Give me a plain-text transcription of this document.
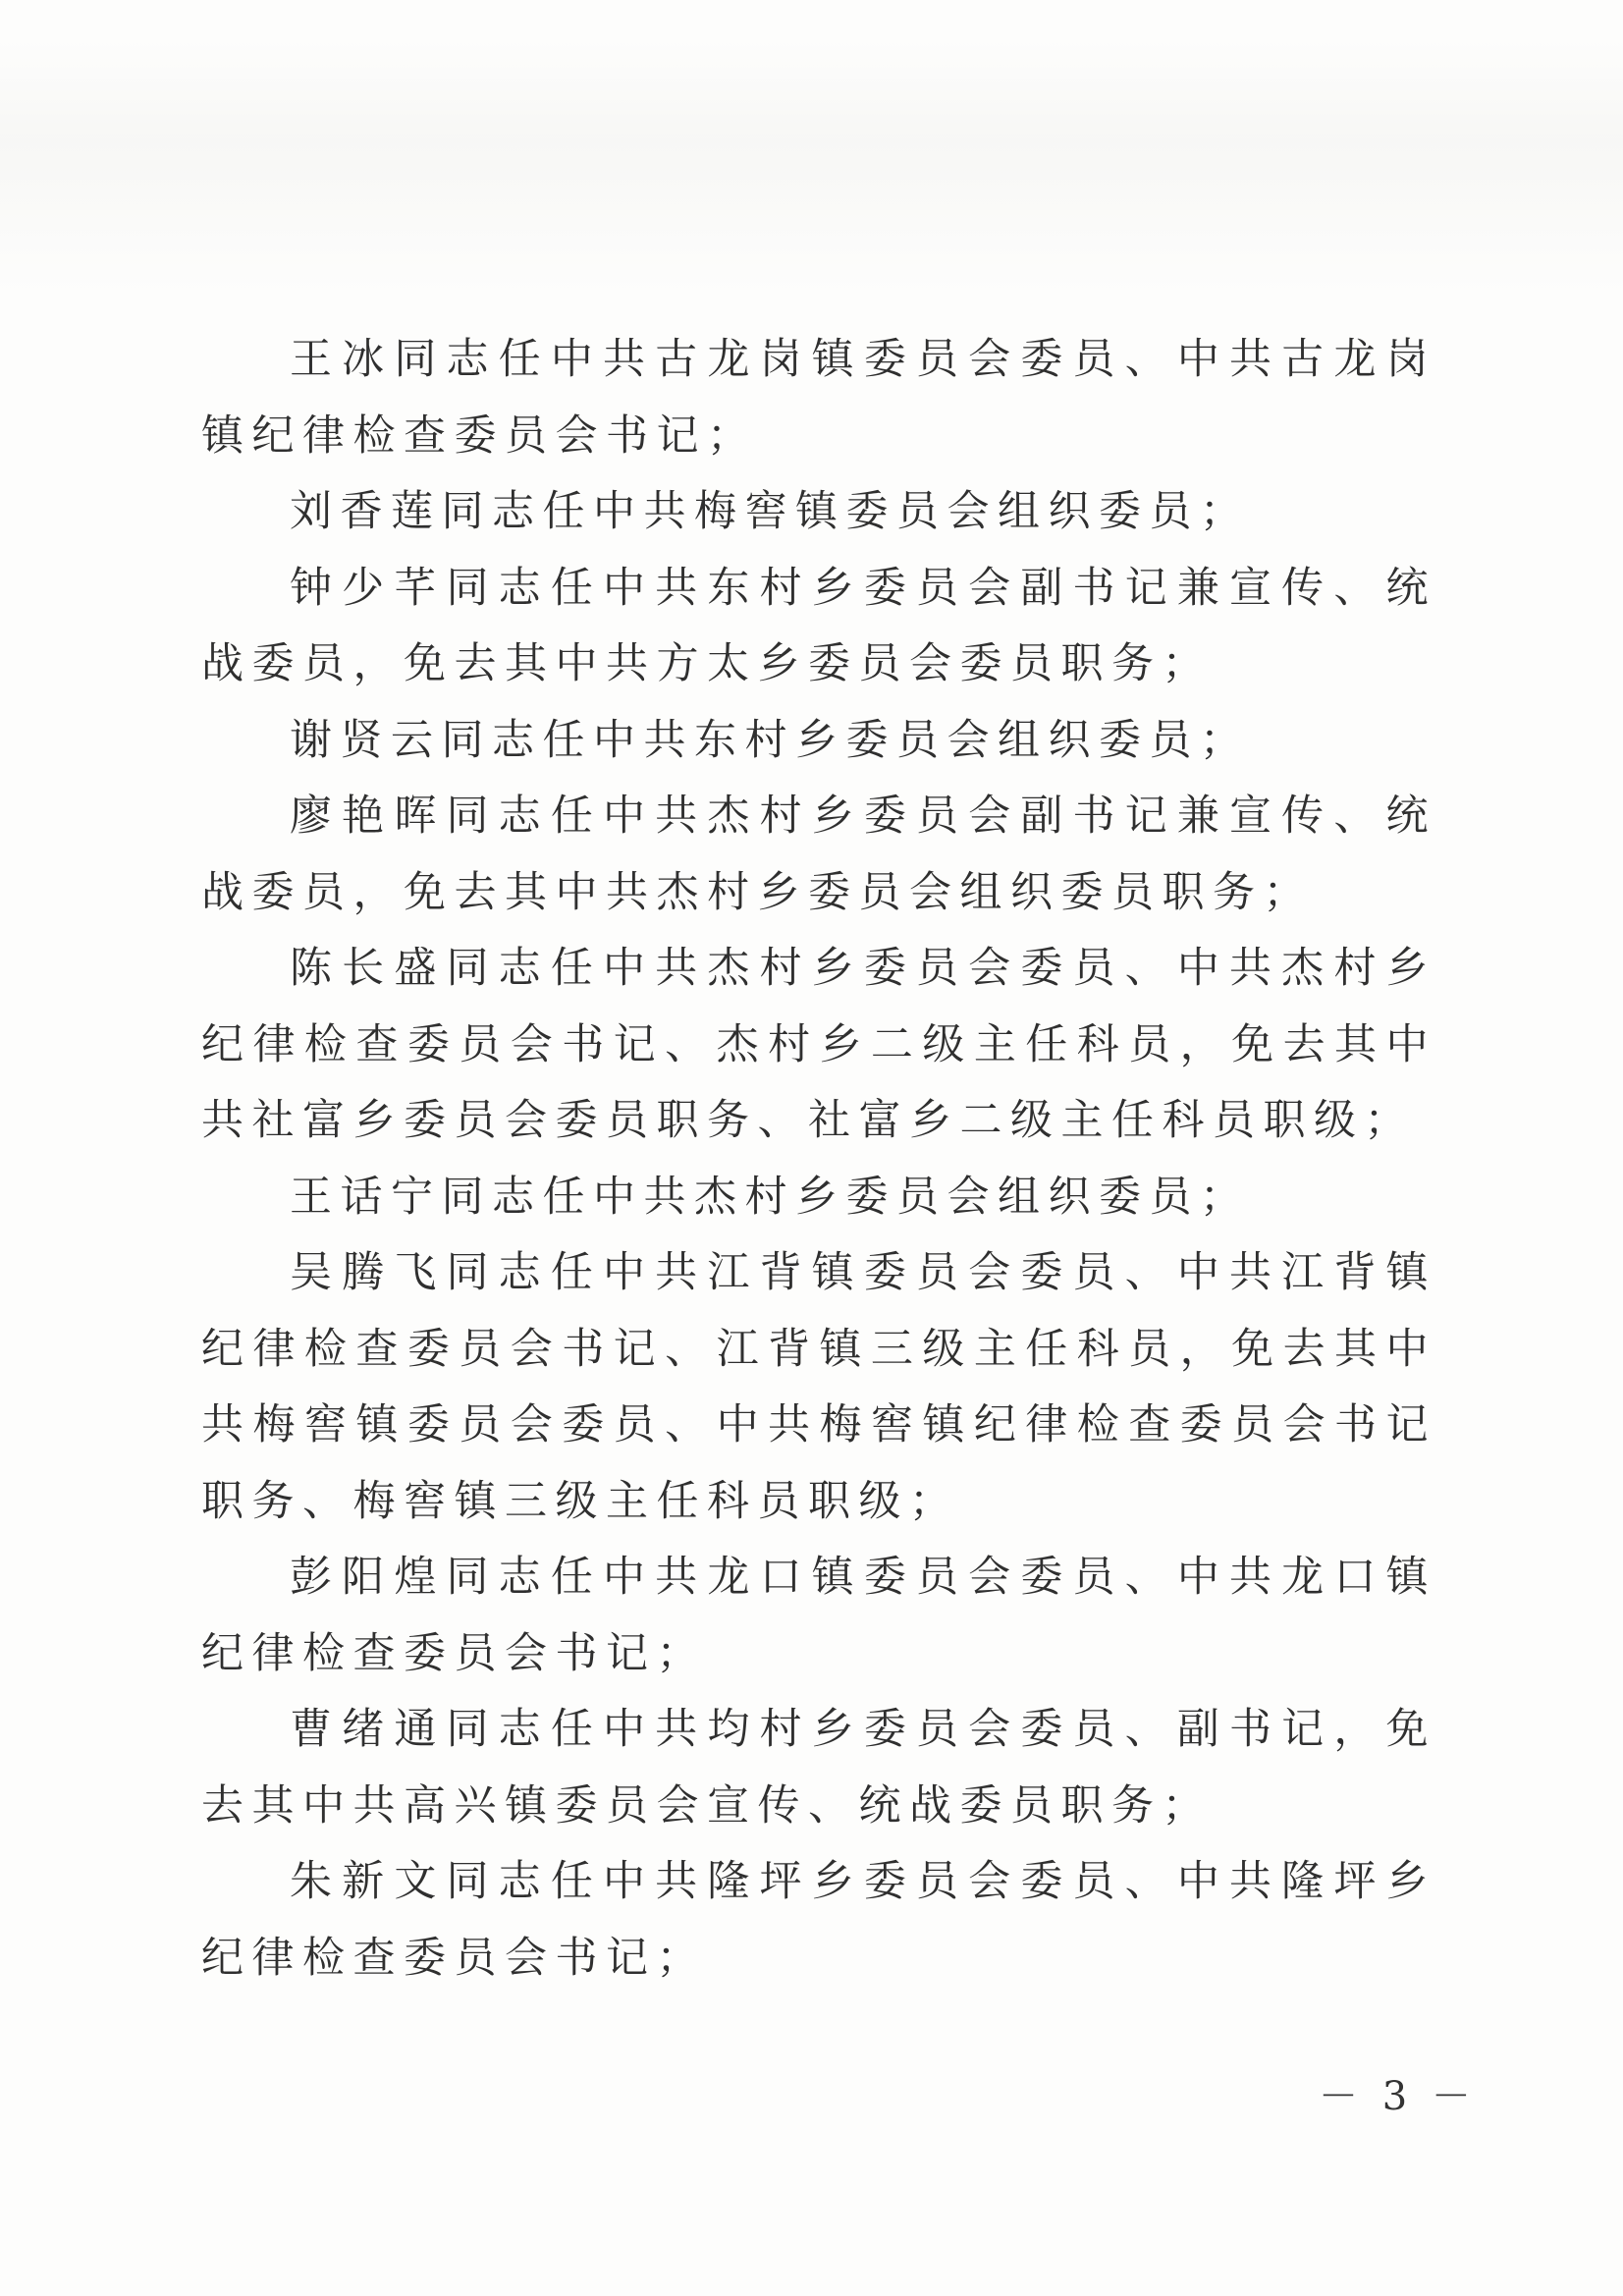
王冰同志任中共古龙岗镇委员会委员、中共古龙岗镇纪律检查委员会书记；

刘香莲同志任中共梅窖镇委员会组织委员；

钟少芊同志任中共东村乡委员会副书记兼宣传、统战委员，免去其中共方太乡委员会委员职务；

谢贤云同志任中共东村乡委员会组织委员；

廖艳晖同志任中共杰村乡委员会副书记兼宣传、统战委员，免去其中共杰村乡委员会组织委员职务；

陈长盛同志任中共杰村乡委员会委员、中共杰村乡纪律检查委员会书记、杰村乡二级主任科员，免去其中共社富乡委员会委员职务、社富乡二级主任科员职级；

王话宁同志任中共杰村乡委员会组织委员；

吴腾飞同志任中共江背镇委员会委员、中共江背镇纪律检查委员会书记、江背镇三级主任科员，免去其中共梅窖镇委员会委员、中共梅窖镇纪律检查委员会书记职务、梅窖镇三级主任科员职级；

彭阳煌同志任中共龙口镇委员会委员、中共龙口镇纪律检查委员会书记；

曹绪通同志任中共均村乡委员会委员、副书记，免去其中共高兴镇委员会宣传、统战委员职务；

朱新文同志任中共隆坪乡委员会委员、中共隆坪乡纪律检查委员会书记；

－ 3 －
